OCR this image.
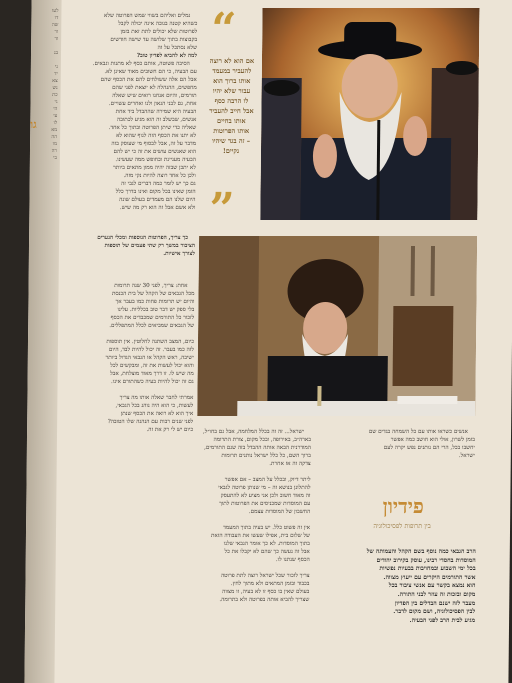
לעו
דו
שה
ור
וד

בנ

ני
יד
צא
נש
כת
גי
הי
עי
לו
מא
הה
מו
רה
בי
גו

גמלים ואליהם בשווי שמש הפרוטה שלא
כשהיא קטנה בגובה אינה יכולה לקבל
לפרוטות שלא יכולים לתת זאת בזמן
בקבוצות בתוך שלושה עד שישה חודשים
שלא נסתכל על זה
למה לא להביא לפדיון טוב?
הסיבה פשוטה, אותם כסף לא מתנות וגבאים.
עם הבעיה, כי הם חשובים מאוד שאינן לא.
אבל הם אלה ששולחים להם את הכסף שהם
מחפשים, ההנהלה לא יוצאת לפני שהם
תורמים, והיום אנחנו רואים שיש שאלה
אחת, גם לבני הגאון ולנו ואחרים עשויים.
הבעיה היא שמירה שההבדל ביד אחת
אנשים, שבשלב זה הוא מגיע לכתובה
שאליה כדי שיתן הפרוטה ובתוך כל אחד.
לא יתנו את הכסף הזה לגוף שהוא לא
מדבר על זה, אבל לבסוף מי שעוסק בזה
הוא שאנשים עושים את זה כי יש להם
הבעיה מעניינת ובחופש ממה שעשינו.
לא יתכן שבזה יהיה ממון מתאים ביותר
ולכן כל אחד רוצה להיות נקי מזה.
גם כך יש לומר כמה דברים לגבי זה
הזמן שאינו בכל מקום ואינו בדרך כלל
היום שלנו הם מעמדים בעולם שונה
ולא אשם אבל זה הוא רק מה שיש.

כך צריך, הפרוטות הנוספות ומכלי הנערים
הציבור במשך רק שתי פעמים של תוספות
לצורך אישיות.

אחת: צריך, לפני 30 שנה תרומות
מכל הגבאים של הקהל של בית הכנסת
והיום יש תרומות פחות כמו בעבר אך
בלי ספק יש דבר טוב בכלליות. עלינו
לזכור כל התורמים שמכבדים את הכסף
של הגבאים שמביאים לכלל המתפללים.

כיום, המצב השתנה לחלוטין. אין תוספות
לזה כמו בעבר. זה יכול להיות לבד, היום
ישיבה, ראש הקהל או הגבאי הגדול ביותר
והוא יכול לעשות את זה, ומבקשים לכל
מה שיש לו. זו דרך מאוד מוצלחת, אבל
גם זה יכול להיות בעיה כשהתורם אינו.

אמרתי לחבר שאלה אותו מה צריך
לעשות, כי הוא היה נוהג בכל הגבאי,
איך הוא לא רואה את הכסף שנתן
לפני שנים רבות עם הנהגה שלו הטובה?
כיום יש לי רק את זה.

“
אם הוא לא רוצה
להעביר במעמד
אותו ברוך הוא
עבור שלא יהיו
לו הרבה כסף
אבל חייב להעביר
אותו בחיים
אותו הפרוטות
– זה בגד שיהיו
נקיים!
”

ישראל... זה זה בכלל המלחמה, אבל גם בחו״ל,
בארה״ב, באירופה, ובכל מקום, צורת התרומה
המודרנית הבאה אותה ההבדל בזה שגם התורמים,
ברוך השם, כל כלל ישראל נותנים תרומות
צדקה זה אז אחרת.

ליתר דיוק, ובכלל על המצב – אם אפשר
להתלונן בנושא זה – מי שנותן פרוטה לגבאי
זה מאוד חשוב ולכן אני מציע לא להתעסק
עם המוסדות שמכניסים את הפרוטות לתוך
החשבון של המוסדות עצמם.

אין זה פשוט כלל. יש בעיה בתוך המעמד
של שלום בית, אפילו שעשו את העבודה הזאת
בתוך המוסדות. לא כך אומר הגבאי שלנו
אבל זה נעשה כך שהם לא יקבלו את כל
הכסף שנתנו לו.

צריך לזכור שכל ישראל רוצה לתת פרוטה
בכבוד ובזמן המתאים ולא מתוך לחץ.
בעולם שאין בו כסף זו לא בעיה, זו מצווה
שצריך להביא אותה בפרוטה ולא בתרומה.

אנשים כשראו אותו עם כל השמחה בגדים שם
בזמן לשרון, אולי הוא חושב כמה אפשר
יחשבו בכל, הרי הם נותנים נפש יקרה לעם
ישראל.

פידיון
בין תרופות לפסיכולוגיה
הרב הגבאי כמה נוסף בשם הקהל והעמותה של
המוסדות בחסדי רבינו, עוסק בקירוב יהודים
בכל ימי השבוע ובמחויבות בבעיות נפשיות
אשר התורמים היקרים עם ייעוץ מצווה.
הוא נמצא בקשר עם אנשי ציבור בכל
מקום ובזכות זה עוזר לבני התורה.
מעבר לזה ישנם הבדלים בין הפדיון
לבין הפסיכולוגיה, ושם מקום לדבר.
מגיע לבית הרב לפני הבעיה.
